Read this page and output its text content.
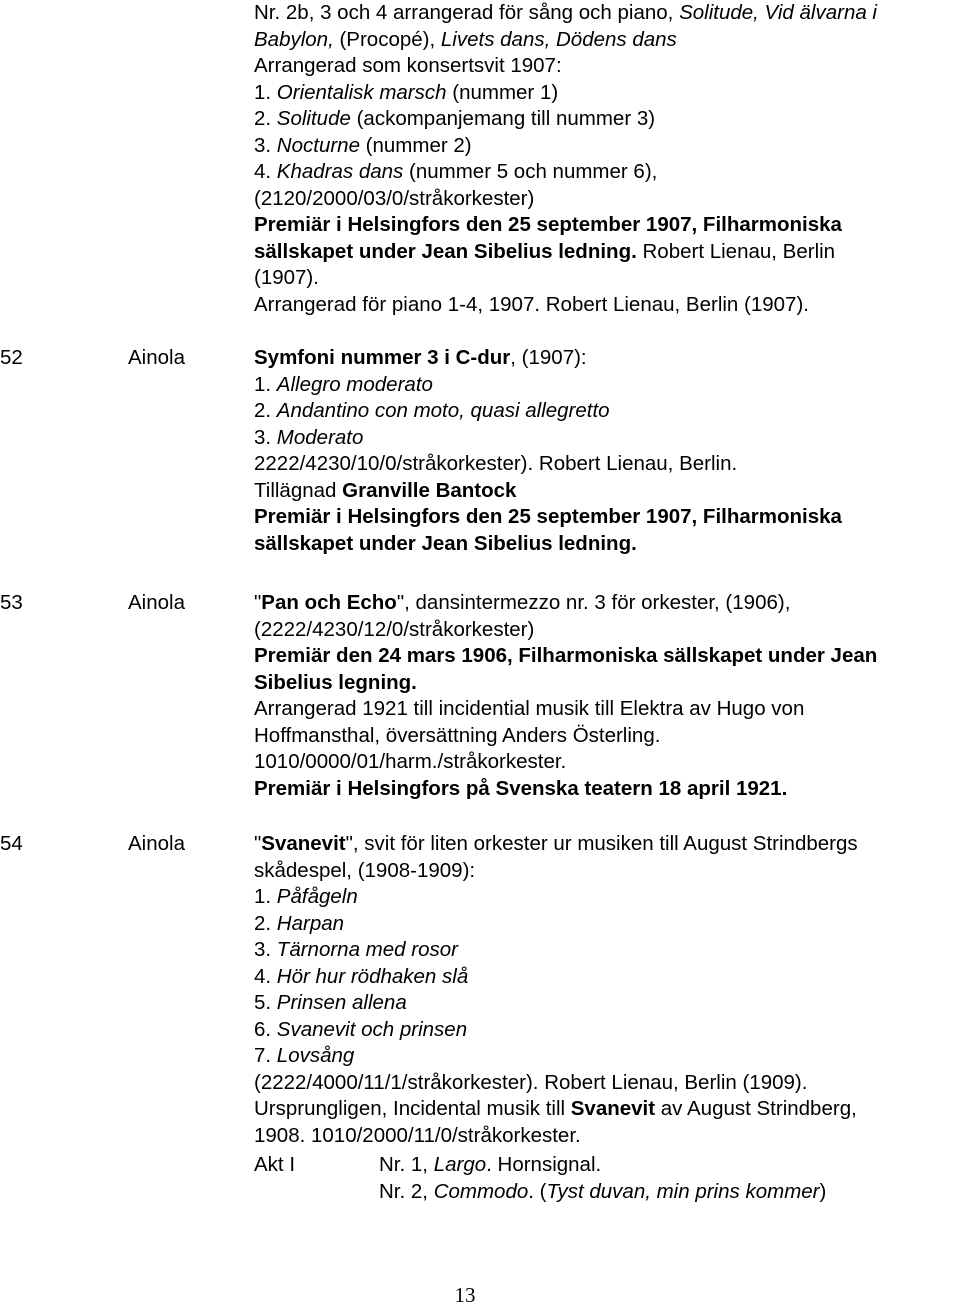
Nr. 2b, 3 och 4 arrangerad för sång och piano, Solitude, Vid älvarna i
Babylon, (Procopé), Livets dans, Dödens dans
Arrangerad som konsertsvit 1907:
1. Orientalisk marsch (nummer 1)
2. Solitude (ackompanjemang till nummer 3)
3. Nocturne (nummer 2)
4. Khadras dans (nummer 5 och nummer 6),
(2120/2000/03/0/stråkorkester)
Premiär i Helsingfors den 25 september 1907, Filharmoniska
sällskapet under Jean Sibelius ledning. Robert Lienau, Berlin
(1907).
Arrangerad för piano 1-4, 1907. Robert Lienau, Berlin (1907).
52	Ainola	Symfoni nummer 3 i C-dur, (1907):
1. Allegro moderato
2. Andantino con moto, quasi allegretto
3. Moderato
2222/4230/10/0/stråkorkester). Robert Lienau, Berlin.
Tillägnad Granville Bantock
Premiär i Helsingfors den 25 september 1907, Filharmoniska
sällskapet under Jean Sibelius ledning.
53	Ainola	"Pan och Echo", dansintermezzo nr. 3 för orkester, (1906),
(2222/4230/12/0/stråkorkester)
Premiär den 24 mars 1906, Filharmoniska sällskapet under Jean
Sibelius legning.
Arrangerad 1921 till incidential musik till Elektra av Hugo von
Hoffmansthal, översättning Anders Österling.
1010/0000/01/harm./stråkorkester.
Premiär i Helsingfors på Svenska teatern 18 april 1921.
54	Ainola	"Svanevit", svit för liten orkester ur musiken till August Strindbergs
skådespel, (1908-1909):
1. Påfågeln
2. Harpan
3. Tärnorna med rosor
4. Hör hur rödhaken slå
5. Prinsen allena
6. Svanevit och prinsen
7. Lovsång
(2222/4000/11/1/stråkorkester). Robert Lienau, Berlin (1909).
Ursprungligen, Incidental musik till Svanevit av August Strindberg,
1908. 1010/2000/11/0/stråkorkester.
Akt I	Nr. 1, Largo. Hornsignal.
Nr. 2, Commodo. (Tyst duvan, min prins kommer)
13
